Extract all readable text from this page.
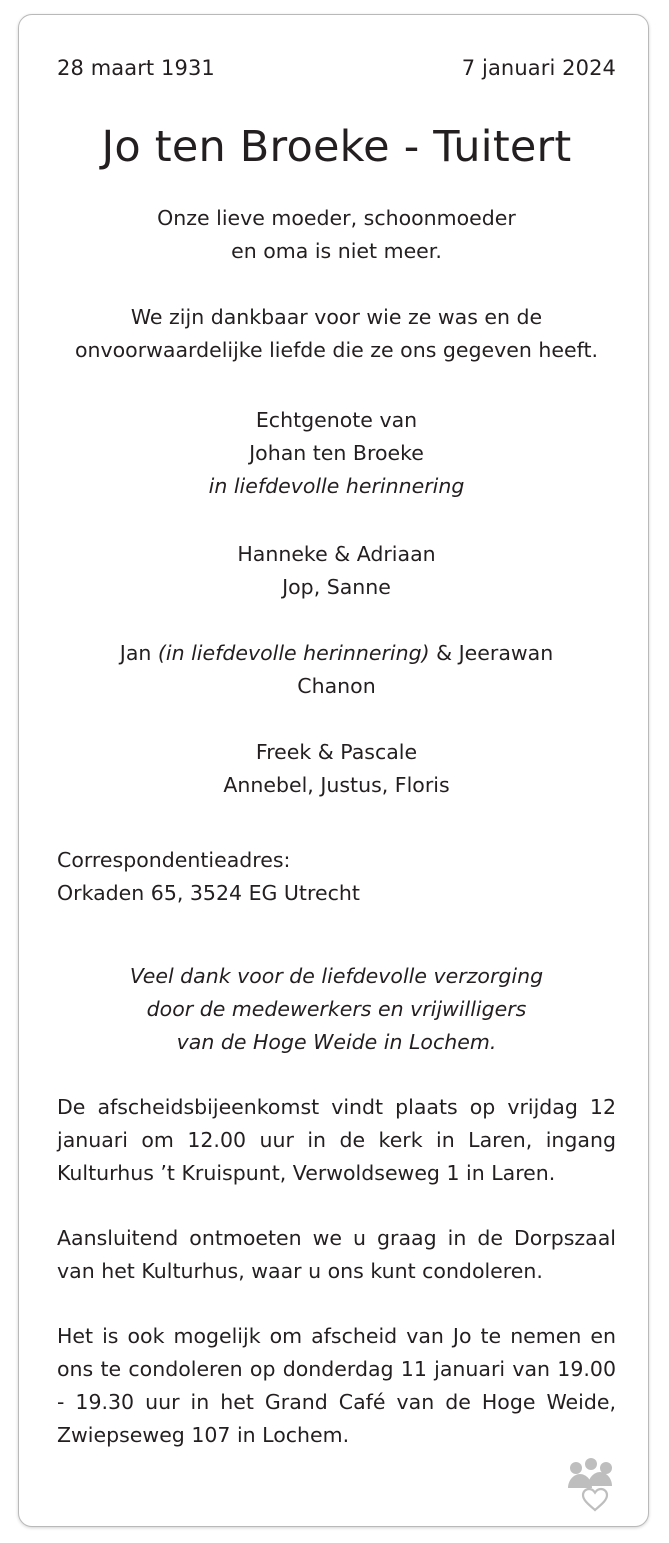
28 maart 1931	7 januari 2024
Jo ten Broeke - Tuitert
Onze lieve moeder, schoonmoeder
en oma is niet meer.
We zijn dankbaar voor wie ze was en de
onvoorwaardelijke liefde die ze ons gegeven heeft.
Echtgenote van
Johan ten Broeke
in liefdevolle herinnering
Hanneke & Adriaan
Jop, Sanne
Jan (in liefdevolle herinnering) & Jeerawan
Chanon
Freek & Pascale
Annebel, Justus, Floris
Correspondentieadres:
Orkaden 65, 3524 EG Utrecht
Veel dank voor de liefdevolle verzorging
door de medewerkers en vrijwilligers
van de Hoge Weide in Lochem.
De afscheidsbijeenkomst vindt plaats op vrijdag 12 januari om 12.00 uur in de kerk in Laren, ingang Kulturhus ’t Kruispunt, Verwoldseweg 1 in Laren.
Aansluitend ontmoeten we u graag in de Dorpszaal van het Kulturhus, waar u ons kunt condoleren.
Het is ook mogelijk om afscheid van Jo te nemen en ons te condoleren op donderdag 11 januari van 19.00 - 19.30 uur in het Grand Café van de Hoge Weide, Zwiepseweg 107 in Lochem.
